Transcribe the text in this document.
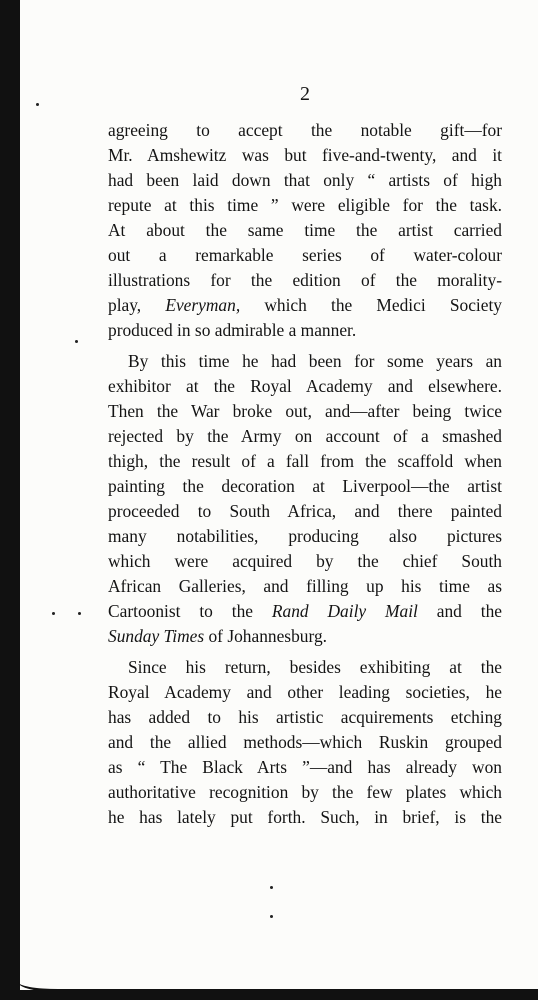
2
agreeing to accept the notable gift—for
Mr. Amshewitz was but five-and-twenty, and it
had been laid down that only “ artists of high
repute at this time ” were eligible for the task.
At about the same time the artist carried
out a remarkable series of water-colour
illustrations for the edition of the morality-
play, Everyman, which the Medici Society
produced in so admirable a manner.
By this time he had been for some years an
exhibitor at the Royal Academy and elsewhere.
Then the War broke out, and—after being twice
rejected by the Army on account of a smashed
thigh, the result of a fall from the scaffold when
painting the decoration at Liverpool—the artist
proceeded to South Africa, and there painted
many notabilities, producing also pictures
which were acquired by the chief South
African Galleries, and filling up his time as
Cartoonist to the Rand Daily Mail and the
Sunday Times of Johannesburg.
Since his return, besides exhibiting at the
Royal Academy and other leading societies, he
has added to his artistic acquirements etching
and the allied methods—which Ruskin grouped
as “ The Black Arts ”—and has already won
authoritative recognition by the few plates which
he has lately put forth. Such, in brief, is the
